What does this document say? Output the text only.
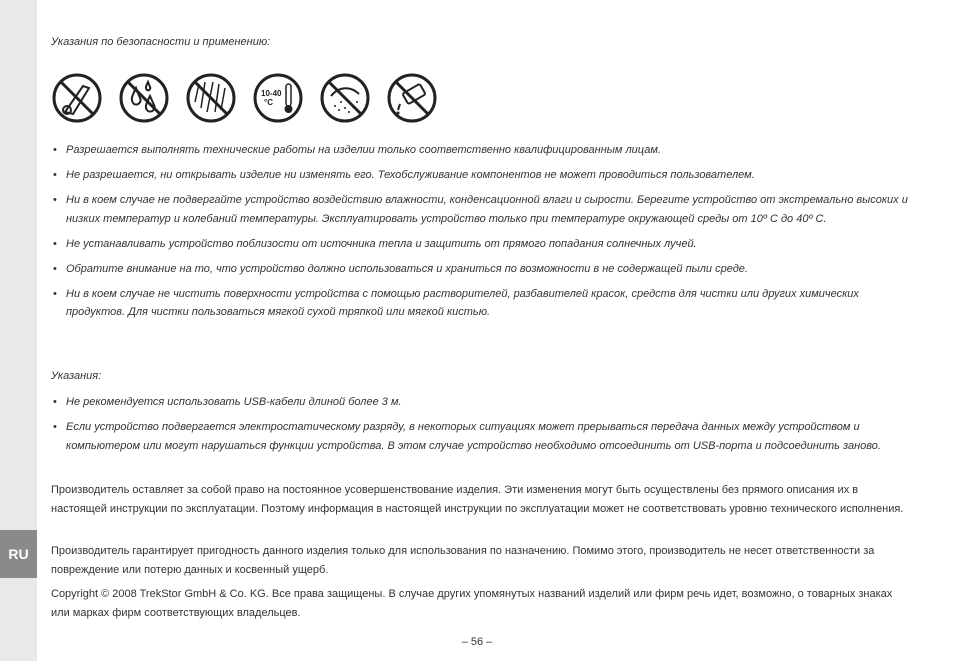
RU
Указания по безопасности и применению:
10-40
°C
• Разрешается выполнять технические работы на изделии только соответственно квалифицированным лицам.
• Не разрешается, ни открывать изделие ни изменять его. Техобслуживание компонентов не может проводиться пользователем.
• Ни в коем случае не подвергайте устройство воздействию влажности, конденсационной влаги и сырости. Берегите устройство от экстремально высоких и низких температур и колебаний температуры. Эксплуатировать устройство только при температуре окружающей среды от 10º C до 40º C.
• Не устанавливать устройство поблизости от источника тепла и защитить от прямого попадания солнечных лучей.
• Обратите внимание на то, что устройство должно использоваться и храниться по возможности в не содержащей пыли среде.
• Ни в коем случае не чистить поверхности устройства с помощью растворителей, разбавителей красок, средств для чистки или других химических продуктов. Для чистки пользоваться мягкой сухой тряпкой или мягкой кистью.
Указания:
• Не рекомендуется использовать USB-кабели длиной более 3 м.
• Если устройство подвергается электростатическому разряду, в некоторых ситуациях может прерываться передача данных между устройством и компьютером или могут нарушаться функции устройства. В этом случае устройство необходимо отсоединить от USB-порта и подсоединить заново.
Производитель оставляет за собой право на постоянное усовершенствование изделия. Эти изменения могут быть осуществлены без прямого описания их в настоящей инструкции по эксплуатации. Поэтому информация в настоящей инструкции по эксплуатации может не соответствовать уровню технического исполнения.
Производитель гарантирует пригодность данного изделия только для использования по назначению. Помимо этого, производитель не несет ответственности за повреждение или потерю данных и косвенный ущерб.
Copyright © 2008 TrekStor GmbH & Co. KG. Все права защищены. В случае других упомянутых названий изделий или фирм речь идет, возможно, о товарных знаках или марках фирм соответствующих владельцев.
– 56 –
